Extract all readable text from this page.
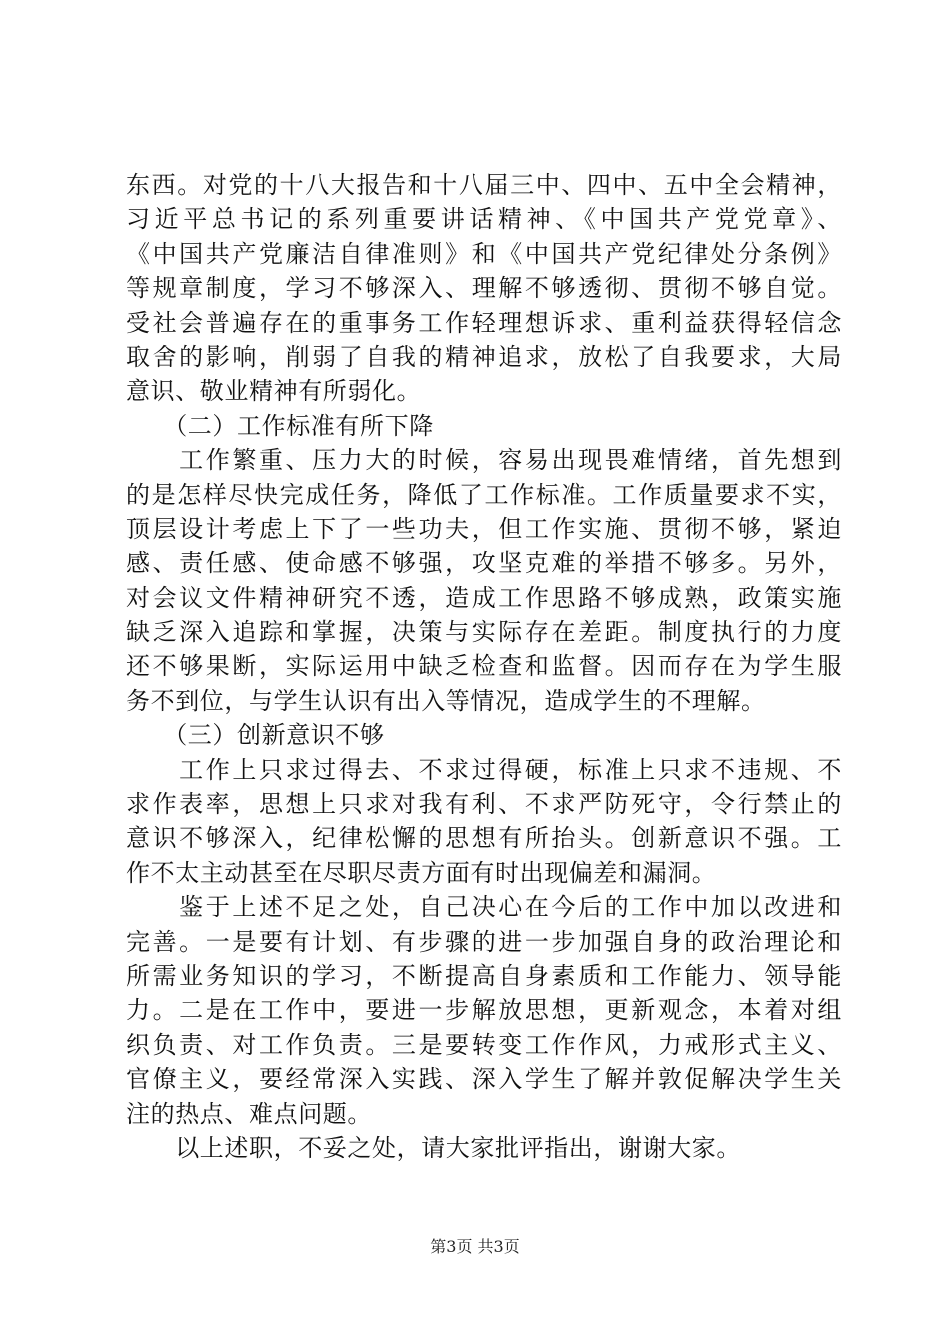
东西。对党的十八大报告和十八届三中、四中、五中全会精神，
习近平总书记的系列重要讲话精神、《中国共产党党章》、
《中国共产党廉洁自律准则》和《中国共产党纪律处分条例》
等规章制度，学习不够深入、理解不够透彻、贯彻不够自觉。
受社会普遍存在的重事务工作轻理想诉求、重利益获得轻信念
取舍的影响，削弱了自我的精神追求，放松了自我要求，大局
意识、敬业精神有所弱化。
　　（二）工作标准有所下降
　　工作繁重、压力大的时候，容易出现畏难情绪，首先想到
的是怎样尽快完成任务，降低了工作标准。工作质量要求不实，
顶层设计考虑上下了一些功夫，但工作实施、贯彻不够，紧迫
感、责任感、使命感不够强，攻坚克难的举措不够多。另外，
对会议文件精神研究不透，造成工作思路不够成熟，政策实施
缺乏深入追踪和掌握，决策与实际存在差距。制度执行的力度
还不够果断，实际运用中缺乏检查和监督。因而存在为学生服
务不到位，与学生认识有出入等情况，造成学生的不理解。
　　（三）创新意识不够
　　工作上只求过得去、不求过得硬，标准上只求不违规、不
求作表率，思想上只求对我有利、不求严防死守，令行禁止的
意识不够深入，纪律松懈的思想有所抬头。创新意识不强。工
作不太主动甚至在尽职尽责方面有时出现偏差和漏洞。
　　鉴于上述不足之处，自己决心在今后的工作中加以改进和
完善。一是要有计划、有步骤的进一步加强自身的政治理论和
所需业务知识的学习，不断提高自身素质和工作能力、领导能
力。二是在工作中，要进一步解放思想，更新观念，本着对组
织负责、对工作负责。三是要转变工作作风，力戒形式主义、
官僚主义，要经常深入实践、深入学生了解并敦促解决学生关
注的热点、难点问题。
　　以上述职，不妥之处，请大家批评指出，谢谢大家。
第3页 共3页
